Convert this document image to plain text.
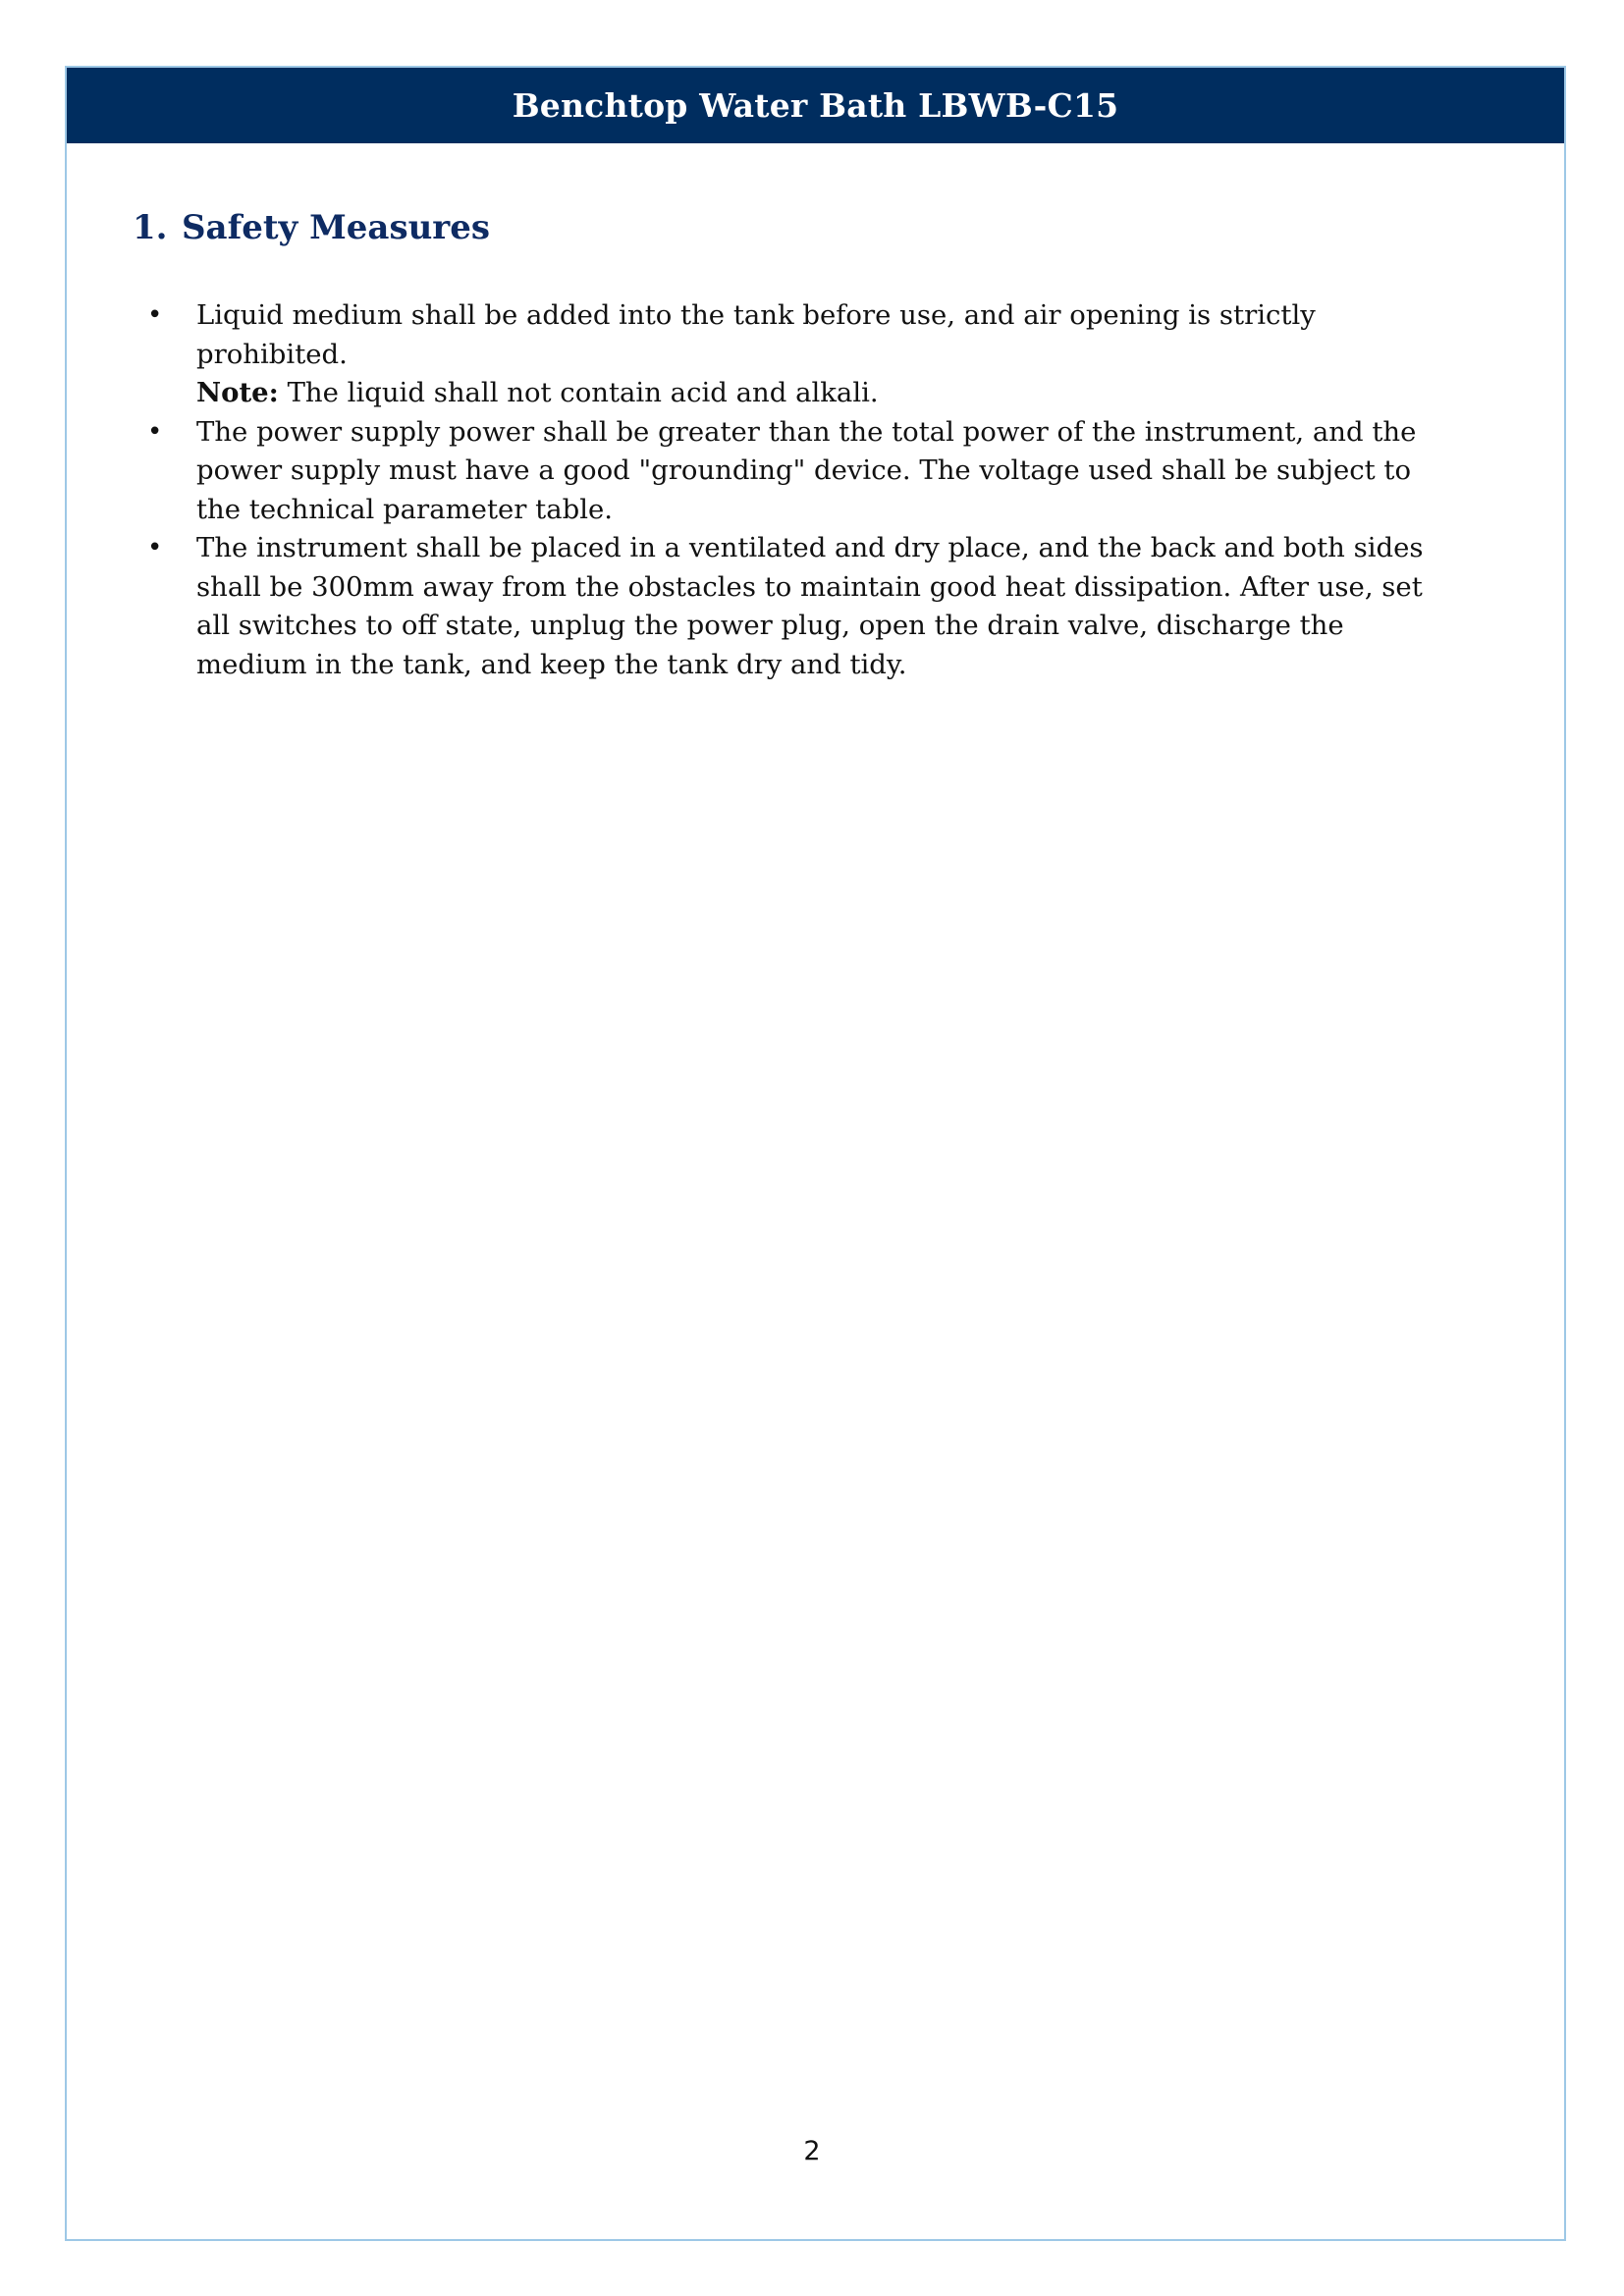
Benchtop Water Bath LBWB-C15
1. Safety Measures
• Liquid medium shall be added into the tank before use, and air opening is strictly prohibited.
Note: The liquid shall not contain acid and alkali.
• The power supply power shall be greater than the total power of the instrument, and the power supply must have a good "grounding" device. The voltage used shall be subject to the technical parameter table.
• The instrument shall be placed in a ventilated and dry place, and the back and both sides shall be 300mm away from the obstacles to maintain good heat dissipation. After use, set all switches to off state, unplug the power plug, open the drain valve, discharge the medium in the tank, and keep the tank dry and tidy.
2
